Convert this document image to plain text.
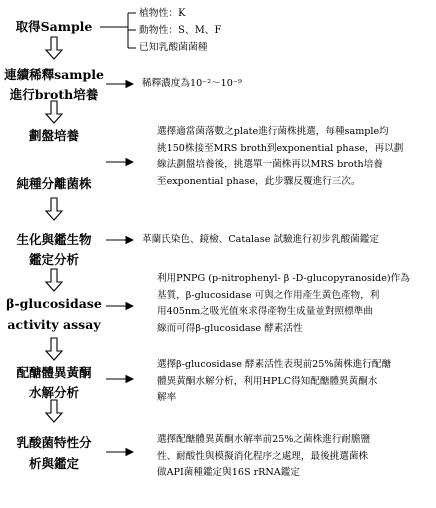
取得Sample
連續稀釋sample
進行broth培養
劃盤培養
純種分離菌株
生化與鑑生物
鑑定分析
β-glucosidase
activity assay
配醣體異黃酮
水解分析
乳酸菌特性分
析與鑑定
植物性：K
動物性：S、M、F
已知乳酸菌菌種
稀釋濃度為10⁻²～10⁻⁹
選擇適當菌落數之plate進行菌株挑選，每種sample均
挑150株接至MRS broth到exponential phase，再以劃
線法劃盤培養後，挑選單一菌株再以MRS broth培養
至exponential phase，此步驟反覆進行三次。
革蘭氏染色、鏡檢、Catalase 試驗進行初步乳酸菌鑑定
利用PNPG (p-nitrophenyl- β -D-glucopyranoside)作為
基質，β-glucosidase 可與之作用產生黃色產物，利
用405nm之吸光值來求得產物生成量並對照標準曲
線而可得β-glucosidase 酵素活性
選擇β-glucosidase 酵素活性表現前25%菌株進行配醣
體異黃酮水解分析，利用HPLC得知配醣體異黃酮水
解率
選擇配醣體異黃酮水解率前25%之菌株進行耐膽鹽
性、耐酸性與模擬消化程序之處理，最後挑選菌株
做API菌種鑑定與16S rRNA鑑定
